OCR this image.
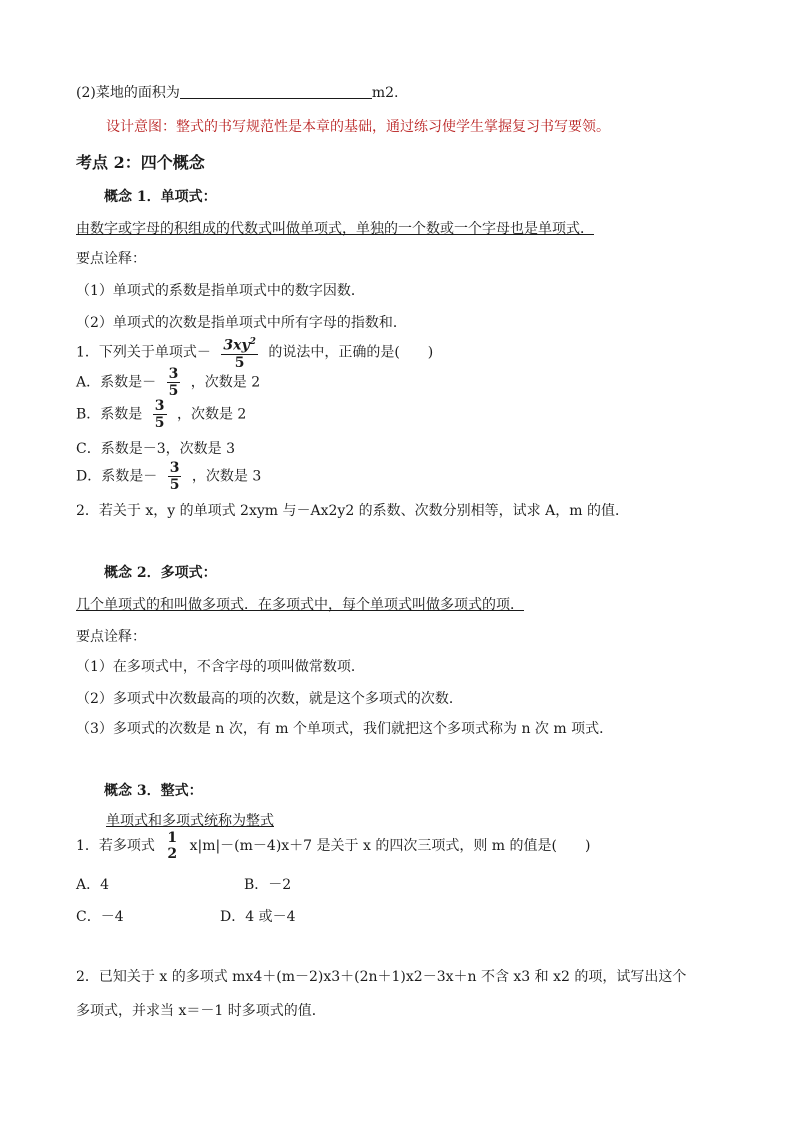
(2)菜地的面积为	m2.
设计意图：整式的书写规范性是本章的基础，通过练习使学生掌握复习书写要领。
考点 2：四个概念
概念 1．单项式：
由数字或字母的积组成的代数式叫做单项式，单独的一个数或一个字母也是单项式．
要点诠释：
（1）单项式的系数是指单项式中的数字因数．
（2）单项式的次数是指单项式中所有字母的指数和．
1．下列关于单项式－ $\frac{3xy^2}{5}$ 的说法中，正确的是(　　)
A．系数是－ $\frac{3}{5}$ ，次数是 2
B．系数是 $\frac{3}{5}$ ，次数是 2
C．系数是－3，次数是 3
D．系数是－ $\frac{3}{5}$ ，次数是 3
2．若关于 x，y 的单项式 2xym 与－Ax2y2 的系数、次数分别相等，试求 A，m 的值．
概念 2．多项式：
几个单项式的和叫做多项式．在多项式中，每个单项式叫做多项式的项．
要点诠释：
（1）在多项式中，不含字母的项叫做常数项．
（2）多项式中次数最高的项的次数，就是这个多项式的次数．
（3）多项式的次数是 n 次，有 m 个单项式，我们就把这个多项式称为 n 次 m 项式．
概念 3．整式：
单项式和多项式统称为整式
1．若多项式 1
2 x|m|－(m－4)x＋7 是关于 x 的四次三项式，则 m 的值是(　　)
A．4	B．－2
C．－4	D．4 或－4
2．已知关于 x 的多项式 mx4＋(m－2)x3＋(2n＋1)x2－3x＋n 不含 x3 和 x2 的项，试写出这个
多项式，并求当 x＝－1 时多项式的值．
